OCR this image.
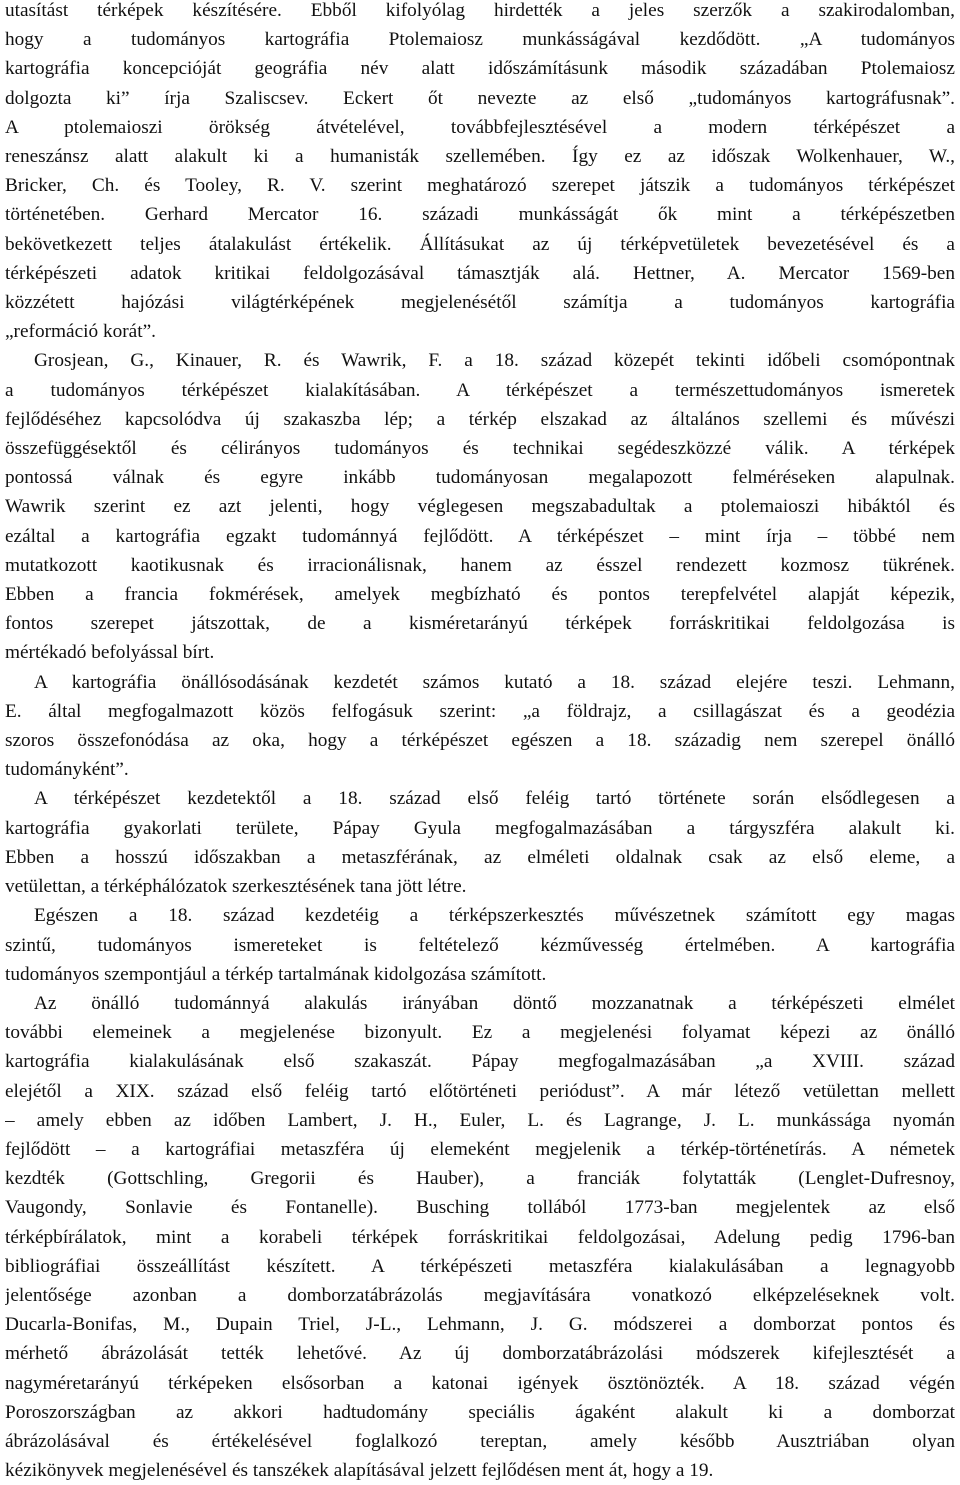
utasítást térképek készítésére. Ebből kifolyólag hirdették a jeles szerzők a szakirodalomban,
hogy a tudományos kartográfia Ptolemaiosz munkásságával kezdődött. „A tudományos
kartográfia koncepcióját geográfia név alatt időszámításunk második századában Ptolemaiosz
dolgozta ki” írja Szaliscsev. Eckert őt nevezte az első „tudományos kartográfusnak”.
A ptolemaioszi örökség átvételével, továbbfejlesztésével a modern térképészet a
reneszánsz alatt alakult ki a humanisták szellemében. Így ez az időszak Wolkenhauer, W.,
Bricker, Ch. és Tooley, R. V. szerint meghatározó szerepet játszik a tudományos térképészet
történetében. Gerhard Mercator 16. századi munkásságát ők mint a térképészetben
bekövetkezett teljes átalakulást értékelik. Állításukat az új térképvetületek bevezetésével és a
térképészeti adatok kritikai feldolgozásával támasztják alá. Hettner, A. Mercator 1569-ben
közzétett hajózási világtérképének megjelenésétől számítja a tudományos kartográfia
„reformáció korát”.
Grosjean, G., Kinauer, R. és Wawrik, F. a 18. század közepét tekinti időbeli csomópontnak
a tudományos térképészet kialakításában. A térképészet a természettudományos ismeretek
fejlődéséhez kapcsolódva új szakaszba lép; a térkép elszakad az általános szellemi és művészi
összefüggésektől és célirányos tudományos és technikai segédeszközzé válik. A térképek
pontossá válnak és egyre inkább tudományosan megalapozott felméréseken alapulnak.
Wawrik szerint ez azt jelenti, hogy véglegesen megszabadultak a ptolemaioszi hibáktól és
ezáltal a kartográfia egzakt tudománnyá fejlődött. A térképészet – mint írja – többé nem
mutatkozott kaotikusnak és irracionálisnak, hanem az ésszel rendezett kozmosz tükrének.
Ebben a francia fokmérések, amelyek megbízható és pontos terepfelvétel alapját képezik,
fontos szerepet játszottak, de a kisméretarányú térképek forráskritikai feldolgozása is
mértékadó befolyással bírt.
A kartográfia önállósodásának kezdetét számos kutató a 18. század elejére teszi. Lehmann,
E. által megfogalmazott közös felfogásuk szerint: „a földrajz, a csillagászat és a geodézia
szoros összefonódása az oka, hogy a térképészet egészen a 18. századig nem szerepel önálló
tudományként”.
A térképészet kezdetektől a 18. század első feléig tartó története során elsődlegesen a
kartográfia gyakorlati területe, Pápay Gyula megfogalmazásában a tárgyszféra alakult ki.
Ebben a hosszú időszakban a metaszférának, az elméleti oldalnak csak az első eleme, a
vetülettan, a térképhálózatok szerkesztésének tana jött létre.
Egészen a 18. század kezdetéig a térképszerkesztés művészetnek számított egy magas
szintű, tudományos ismereteket is feltételező kézművesség értelmében. A kartográfia
tudományos szempontjául a térkép tartalmának kidolgozása számított.
Az önálló tudománnyá alakulás irányában döntő mozzanatnak a térképészeti elmélet
további elemeinek a megjelenése bizonyult. Ez a megjelenési folyamat képezi az önálló
kartográfia kialakulásának első szakaszát. Pápay megfogalmazásában „a XVIII. század
elejétől a XIX. század első feléig tartó előtörténeti periódust”. A már létező vetülettan mellett
– amely ebben az időben Lambert, J. H., Euler, L. és Lagrange, J. L. munkássága nyomán
fejlődött – a kartográfiai metaszféra új elemeként megjelenik a térkép-történetírás. A németek
kezdték (Gottschling, Gregorii és Hauber), a franciák folytatták (Lenglet-Dufresnoy,
Vaugondy, Sonlavie és Fontanelle). Busching tollából 1773-ban megjelentek az első
térképbírálatok, mint a korabeli térképek forráskritikai feldolgozásai, Adelung pedig 1796-ban
bibliográfiai összeállítást készített. A térképészeti metaszféra kialakulásában a legnagyobb
jelentősége azonban a domborzatábrázolás megjavítására vonatkozó elképzeléseknek volt.
Ducarla-Bonifas, M., Dupain Triel, J-L., Lehmann, J. G. módszerei a domborzat pontos és
mérhető ábrázolását tették lehetővé. Az új domborzatábrázolási módszerek kifejlesztését a
nagyméretarányú térképeken elsősorban a katonai igények ösztönözték. A 18. század végén
Poroszországban az akkori hadtudomány speciális ágaként alakult ki a domborzat
ábrázolásával és értékelésével foglalkozó tereptan, amely később Ausztriában olyan
kézikönyvek megjelenésével és tanszékek alapításával jelzett fejlődésen ment át, hogy a 19.
